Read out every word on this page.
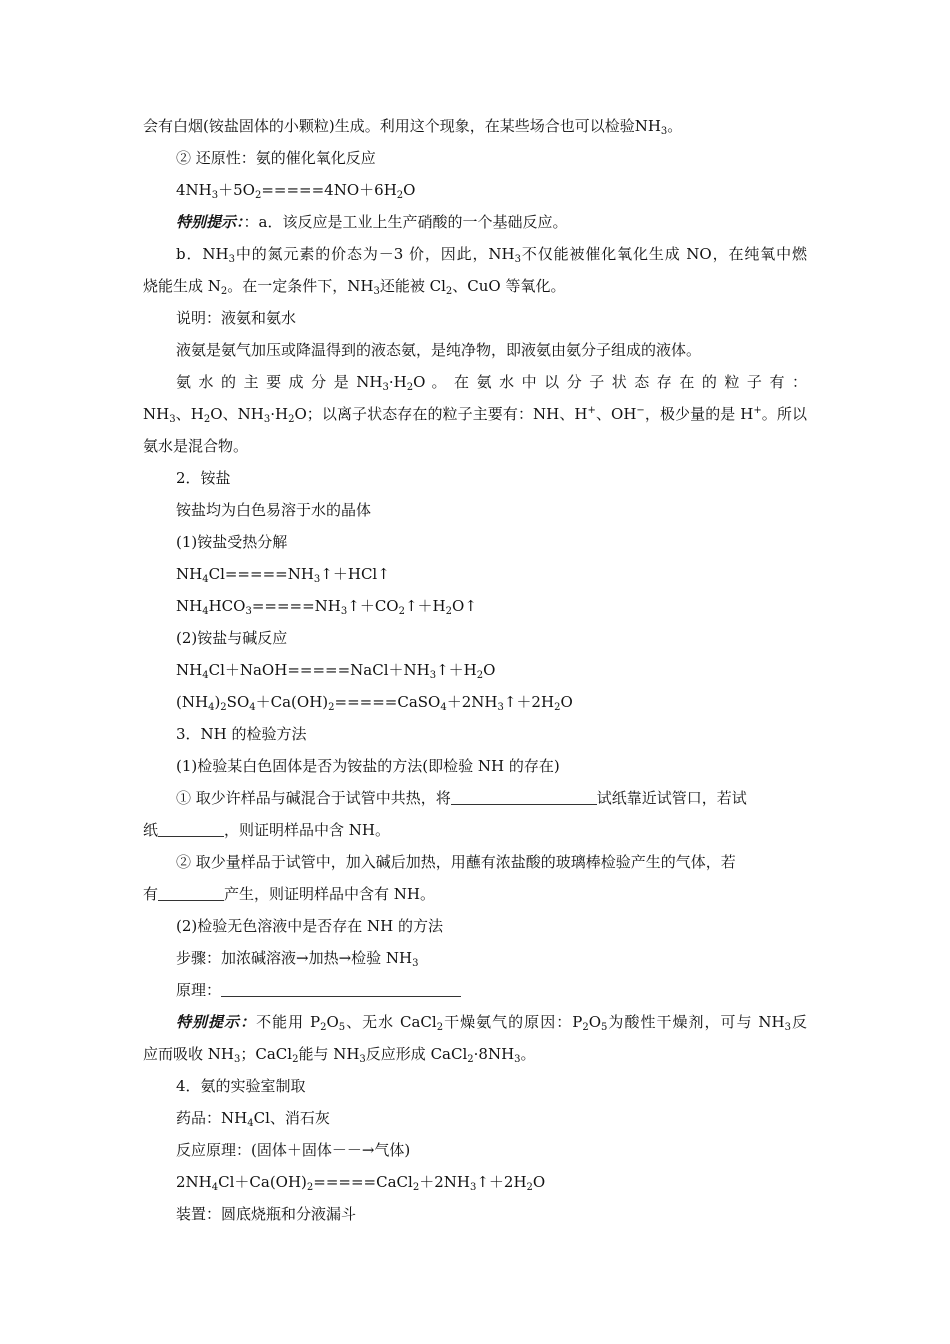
会有白烟(铵盐固体的小颗粒)生成。利用这个现象，在某些场合也可以检验$NH_3$。
② 还原性：氨的催化氧化反应
$4NH_3+5O_2=====4NO+6H_2O$
特别提示：：a．该反应是工业上生产硝酸的一个基础反应。
b．$NH_3$中的氮元素的价态为－3 价，因此，$NH_3$不仅能被催化氧化生成 NO，在纯氧中燃
烧能生成 $N_2$。在一定条件下，$NH_3$还能被 $Cl_2$、CuO 等氧化。
说明：液氨和氨水
液氨是氨气加压或降温得到的液态氨，是纯净物，即液氨由氨分子组成的液体。
氨 水 的 主 要 成 分 是 $NH_3\cdot H_2O$ 。 在 氨 水 中 以 分 子 状 态 存 在 的 粒 子 有 ：
$NH_3$、$H_2O$、$NH_3\cdot H_2O$；以离子状态存在的粒子主要有：NH、H+、OH−，极少量的是 H+。所以
氨水是混合物。
2．铵盐
铵盐均为白色易溶于水的晶体
(1)铵盐受热分解
$NH_4Cl=====NH_3↑+HCl↑$
$NH_4HCO_3=====NH_3↑+CO_2↑+H_2O↑$
(2)铵盐与碱反应
$NH_4Cl+NaOH=====NaCl+NH_3↑+H_2O$
$(NH_4)_2SO_4+Ca(OH)_2=====CaSO_4+2NH_3↑+2H_2O$
3．NH 的检验方法
(1)检验某白色固体是否为铵盐的方法(即检验 NH 的存在)
① 取少许样品与碱混合于试管中共热，将	试纸靠近试管口，若试
纸	，则证明样品中含 NH。
② 取少量样品于试管中，加入碱后加热，用蘸有浓盐酸的玻璃棒检验产生的气体，若
有	产生，则证明样品中含有 NH。
(2)检验无色溶液中是否存在 NH 的方法
步骤：加浓碱溶液→加热→检验 $NH_3$
原理：
特别提示：不能用 $P_2O_5$、无水 CaCl$_2$干燥氨气的原因：$P_2O_5$为酸性干燥剂，可与 $NH_3$反
应而吸收 $NH_3$；CaCl$_2$能与 $NH_3$反应形成 $CaCl_2\cdot 8NH_3$。
4．氨的实验室制取
药品：$NH_4Cl$、消石灰
反应原理：(固体＋固体－－→气体)
$2NH_4Cl+Ca(OH)_2=====CaCl_2+2NH_3↑+2H_2O$
装置：圆底烧瓶和分液漏斗
